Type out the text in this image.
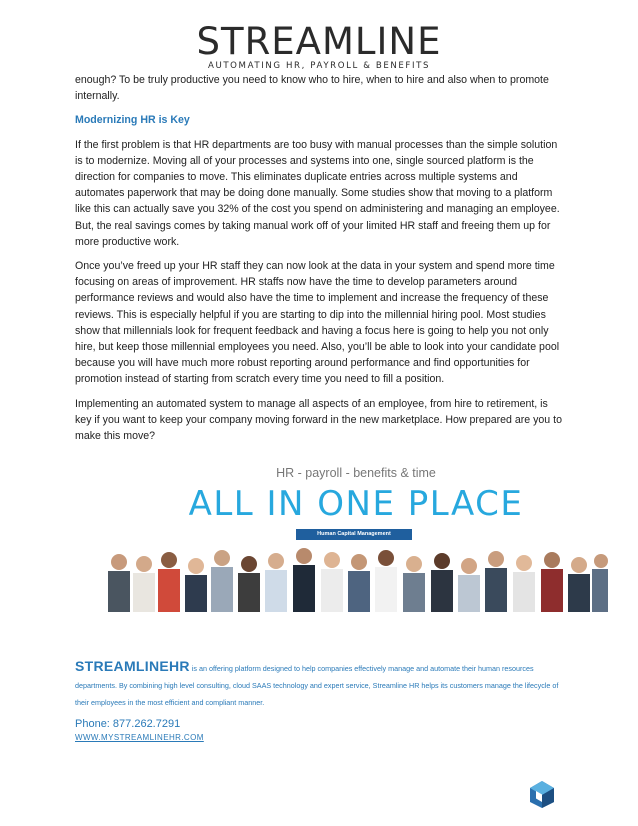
STREAMLINE
AUTOMATING HR, PAYROLL & BENEFITS

enough? To be truly productive you need to know who to hire, when to hire and also when to promote internally.

Modernizing HR is Key

If the first problem is that HR departments are too busy with manual processes than the simple solution is to modernize. Moving all of your processes and systems into one, single sourced platform is the direction for companies to move. This eliminates duplicate entries across multiple systems and automates paperwork that may be doing done manually. Some studies show that moving to a platform like this can actually save you 32% of the cost you spend on administering and managing an employee. But, the real savings comes by taking manual work off of your limited HR staff and freeing them up for more productive work.

Once you’ve freed up your HR staff they can now look at the data in your system and spend more time focusing on areas of improvement. HR staffs now have the time to develop parameters around performance reviews and would also have the time to implement and increase the frequency of these reviews. This is especially helpful if you are starting to dip into the millennial hiring pool. Most studies show that millennials look for frequent feedback and having a focus here is going to help you not only hire, but keep those millennial employees you need. Also, you’ll be able to look into your candidate pool because you will have much more robust reporting around performance and find opportunities for promotion instead of starting from scratch every time you need to fill a position.

Implementing an automated system to manage all aspects of an employee, from hire to retirement, is key if you want to keep your company moving forward in the new marketplace. How prepared are you to make this move?

HR - payroll - benefits & time
ALL IN ONE PLACE
Human Capital Management
STREAMLINEHR is an offering platform designed to help companies effectively manage and automate their human resources departments. By combining high level consulting, cloud SAAS technology and expert service, Streamline HR helps its customers manage the lifecycle of their employees in the most efficient and compliant manner.
Phone: 877.262.7291
WWW.MYSTREAMLINEHR.COM
